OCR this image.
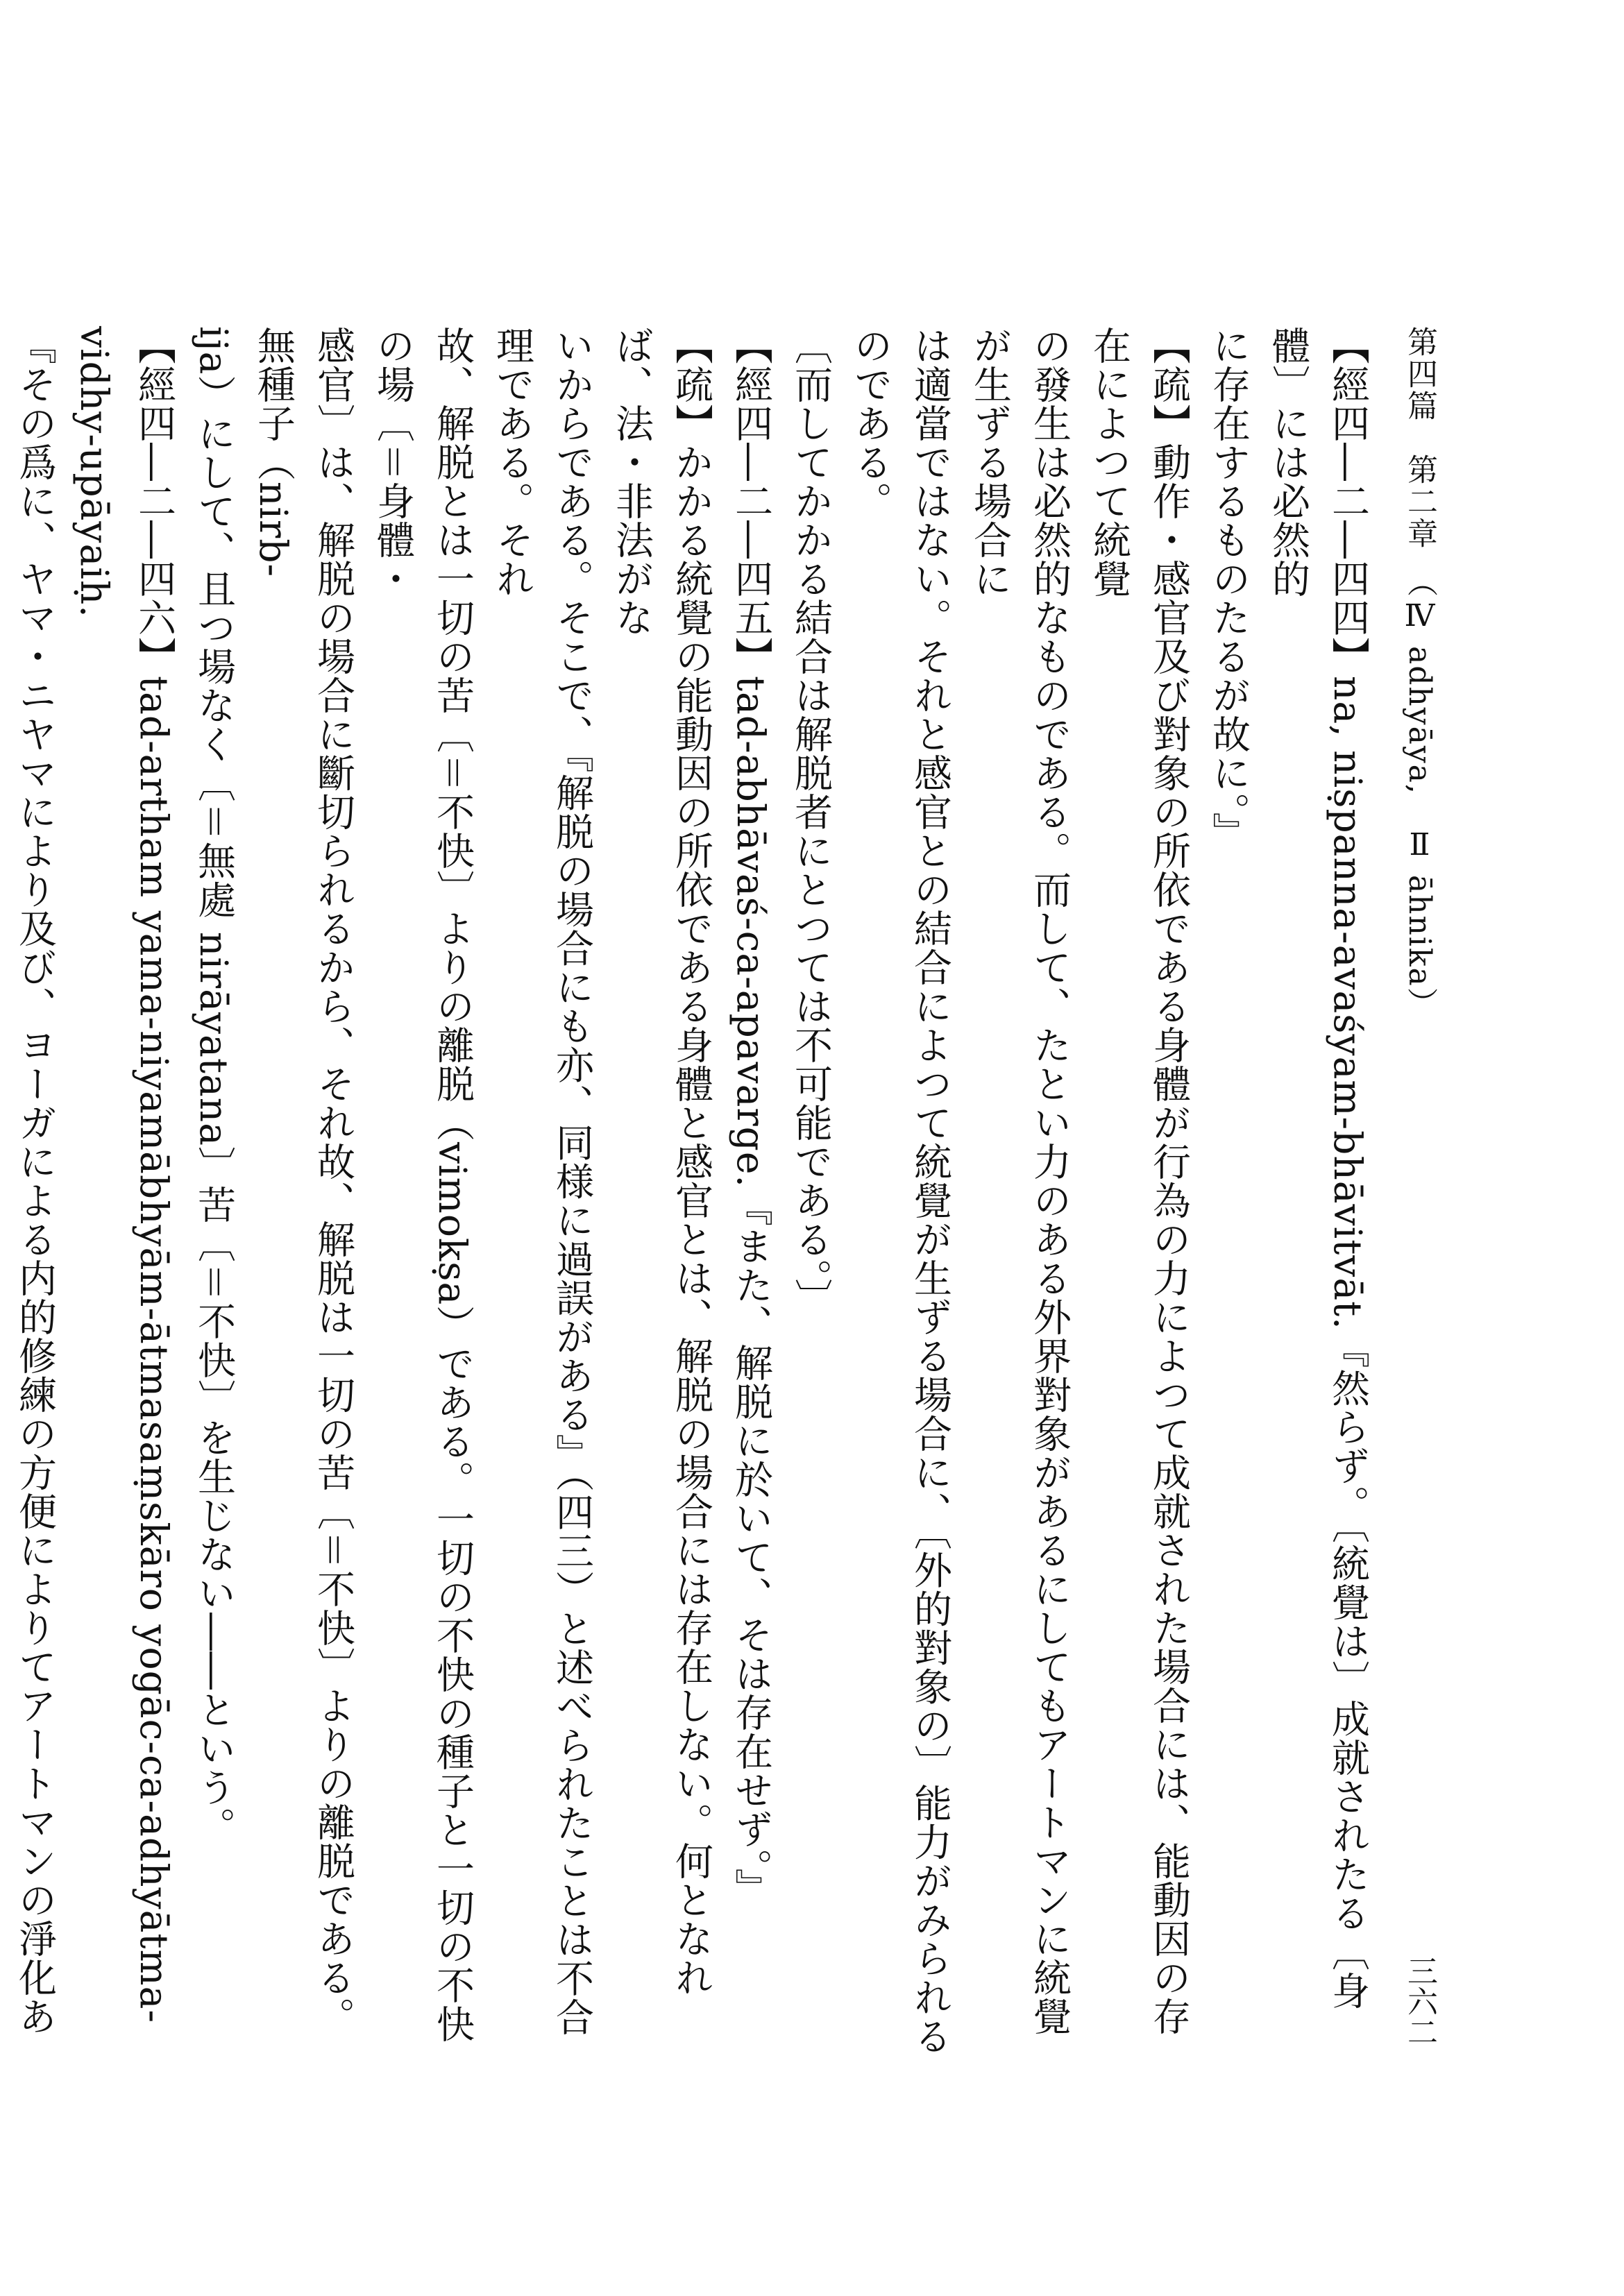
第四篇　第二章　（Ⅳ adhyāya,　Ⅱ āhnika）
三六二

【經四―二―四四】na, niṣpanna-avaśyam-bhāvitvāt.『然らず。〔統覺は〕成就されたる〔身體〕には必然的

に存在するものたるが故に。』

【疏】動作・感官及び對象の所依である身體が行為の力によつて成就された場合には、能動因の存在によつて統覺

の發生は必然的なものである。而して、たとい力のある外界對象があるにしてもアートマンに統覺が生ずる場合に

は適當ではない。それと感官との結合によつて統覺が生ずる場合に、〔外的對象の〕能力がみられるのである。

〔而してかかる結合は解脱者にとつては不可能である。〕

【經四―二―四五】tad-abhāvaś-ca-apavarge.『また、解脱に於いて、そは存在せず。』

【疏】かかる統覺の能動因の所依である身體と感官とは、解脱の場合には存在しない。何となれば、法・非法がな

いからである。そこで、『解脱の場合にも亦、同様に過誤がある』（四三）と述べられたことは不合理である。それ

故、解脱とは一切の苦〔＝不快〕よりの離脱（vimokṣa）である。一切の不快の種子と一切の不快の場〔＝身體・

感官〕は、解脱の場合に斷切られるから、それ故、解脱は一切の苦〔＝不快〕よりの離脱である。無種子（nirb-

ija）にして、且つ場なく〔＝無處 nirāyatana〕苦〔＝不快〕を生じない――という。

【經四―二―四六】tad-artham yama-niyamābhyām-ātmasaṃskāro yogāc-ca-adhyātma-vidhy-upāyaiḥ.

『その爲に、ヤマ・ニヤマにより及び、ヨーガによる内的修練の方便によりてアートマンの淨化あ
